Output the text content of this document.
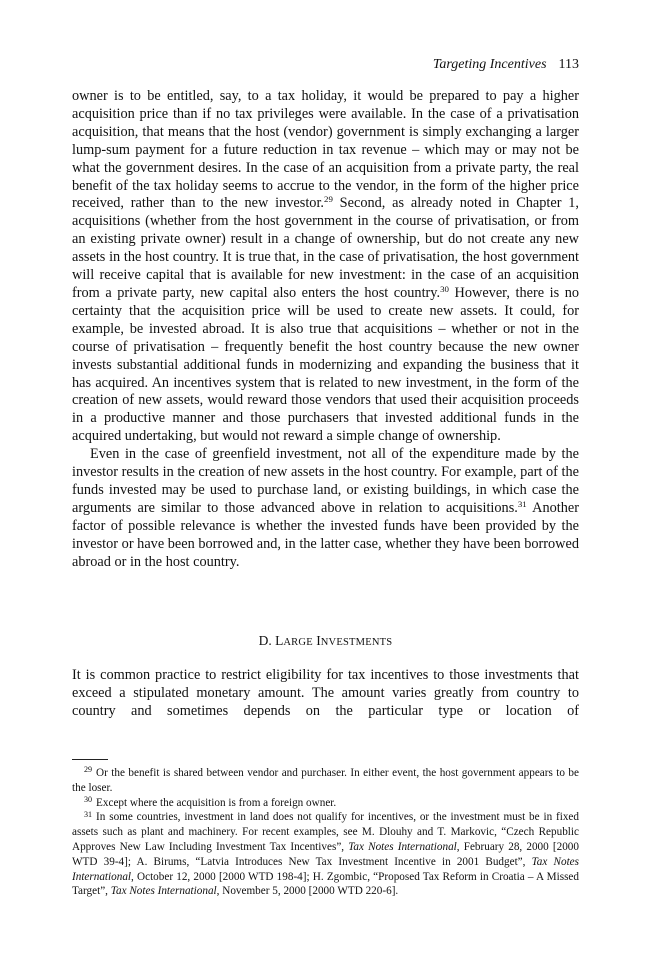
Targeting Incentives 113

owner is to be entitled, say, to a tax holiday, it would be prepared to pay a higher acquisition price than if no tax privileges were available. In the case of a privatisation acquisition, that means that the host (vendor) government is simply exchanging a larger lump-sum payment for a future reduction in tax revenue – which may or may not be what the government desires. In the case of an acquisition from a private party, the real benefit of the tax holiday seems to accrue to the vendor, in the form of the higher price received, rather than to the new investor.$^{29}$ Second, as already noted in Chapter 1, acquisitions (whether from the host government in the course of privatisation, or from an existing private owner) result in a change of ownership, but do not create any new assets in the host country. It is true that, in the case of privatisation, the host government will receive capital that is available for new investment: in the case of an acquisition from a private party, new capital also enters the host country.$^{30}$ However, there is no certainty that the acquisition price will be used to create new assets. It could, for example, be invested abroad. It is also true that acquisitions – whether or not in the course of privatisation – frequently benefit the host country because the new owner invests substantial additional funds in modernizing and expanding the business that it has acquired. An incentives system that is related to new investment, in the form of the creation of new assets, would reward those vendors that used their acquisition proceeds in a productive manner and those purchasers that invested additional funds in the acquired undertaking, but would not reward a simple change of ownership.

Even in the case of greenfield investment, not all of the expenditure made by the investor results in the creation of new assets in the host country. For example, part of the funds invested may be used to purchase land, or existing buildings, in which case the arguments are similar to those advanced above in relation to acquisitions.$^{31}$ Another factor of possible relevance is whether the invested funds have been provided by the investor or have been borrowed and, in the latter case, whether they have been borrowed abroad or in the host country.

D. LARGE INVESTMENTS

It is common practice to restrict eligibility for tax incentives to those investments that exceed a stipulated monetary amount. The amount varies greatly from country to country and sometimes depends on the particular type or location of

$^{29}$ Or the benefit is shared between vendor and purchaser. In either event, the host government appears to be the loser.

$^{30}$ Except where the acquisition is from a foreign owner.

$^{31}$ In some countries, investment in land does not qualify for incentives, or the investment must be in fixed assets such as plant and machinery. For recent examples, see M. Dlouhy and T. Markovic, “Czech Republic Approves New Law Including Investment Tax Incentives”, Tax Notes International, February 28, 2000 [2000 WTD 39-4]; A. Birums, “Latvia Introduces New Tax Investment Incentive in 2001 Budget”, Tax Notes International, October 12, 2000 [2000 WTD 198-4]; H. Zgombic, “Proposed Tax Reform in Croatia – A Missed Target”, Tax Notes International, November 5, 2000 [2000 WTD 220-6].
